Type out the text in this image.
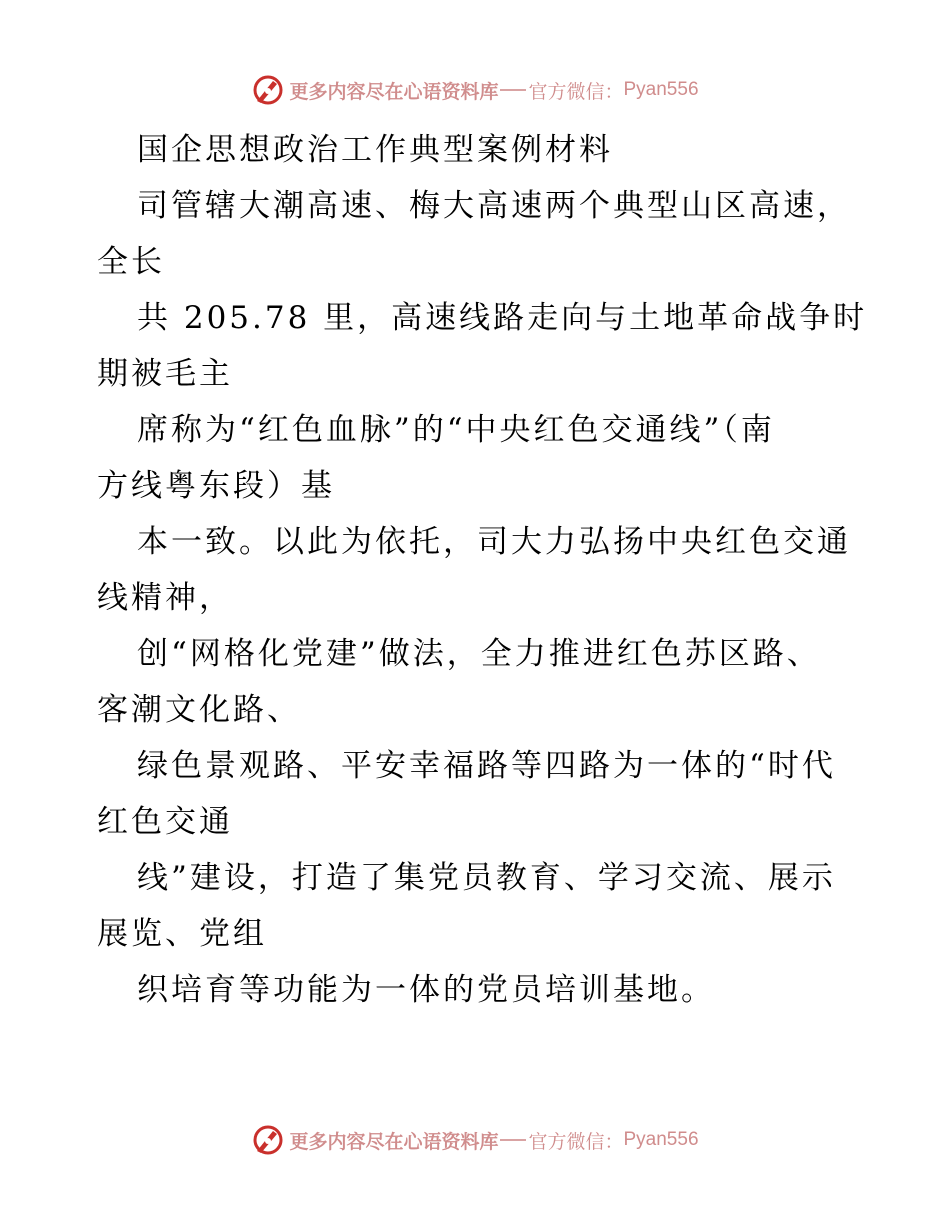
更多内容尽在心语资料库 官方微信： Pyan556
国企思想政治工作典型案例材料
司管辖大潮高速、梅大高速两个典型山区高速，
全长
共 205.78 里，高速线路走向与土地革命战争时
期被毛主
席称为“红色血脉”的“中央红色交通线”（南
方线粤东段）基
本一致。以此为依托，司大力弘扬中央红色交通
线精神，
创“网格化党建”做法，全力推进红色苏区路、
客潮文化路、
绿色景观路、平安幸福路等四路为一体的“时代
红色交通
线”建设，打造了集党员教育、学习交流、展示
展览、党组
织培育等功能为一体的党员培训基地。
更多内容尽在心语资料库 官方微信： Pyan556
